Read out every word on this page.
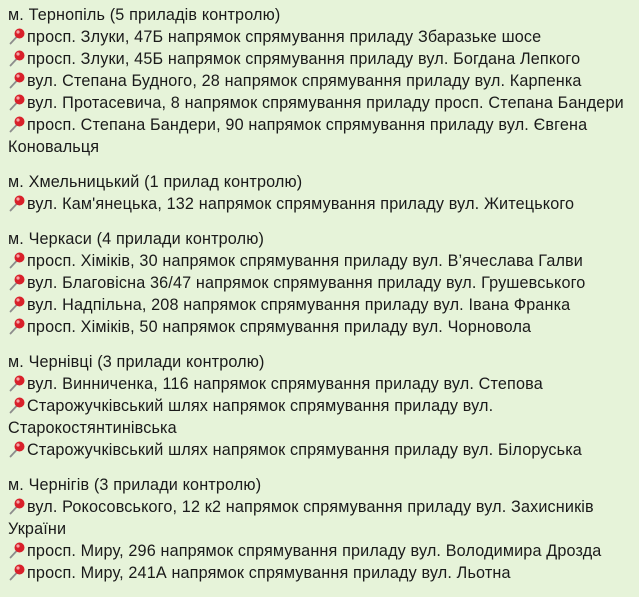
м. Тернопіль (5 приладів контролю)
просп. Злуки, 47Б напрямок спрямування приладу Збаразьке шосе
просп. Злуки, 45Б напрямок спрямування приладу вул. Богдана Лепкого
вул. Степана Будного, 28 напрямок спрямування приладу вул. Карпенка
вул. Протасевича, 8 напрямок спрямування приладу просп. Степана Бандери
просп. Степана Бандери, 90 напрямок спрямування приладу вул. Євгена Коновальця
м. Хмельницький (1 прилад контролю)
вул. Кам'янецька, 132 напрямок спрямування приладу вул. Житецького
м. Черкаси (4 прилади контролю)
просп. Хіміків, 30 напрямок спрямування приладу вул. В’ячеслава Галви
вул. Благовісна 36/47 напрямок спрямування приладу вул. Грушевського
вул. Надпільна, 208 напрямок спрямування приладу вул. Івана Франка
просп. Хіміків, 50 напрямок спрямування приладу вул. Чорновола
м. Чернівці (3 прилади контролю)
вул. Винниченка, 116 напрямок спрямування приладу вул. Степова
Старожучківський шлях напрямок спрямування приладу вул. Старокостянтинівська
Старожучківський шлях напрямок спрямування приладу вул. Білоруська
м. Чернігів (3 прилади контролю)
вул. Рокосовського, 12 к2 напрямок спрямування приладу вул. Захисників України
просп. Миру, 296 напрямок спрямування приладу вул. Володимира Дрозда
просп. Миру, 241А напрямок спрямування приладу вул. Льотна
